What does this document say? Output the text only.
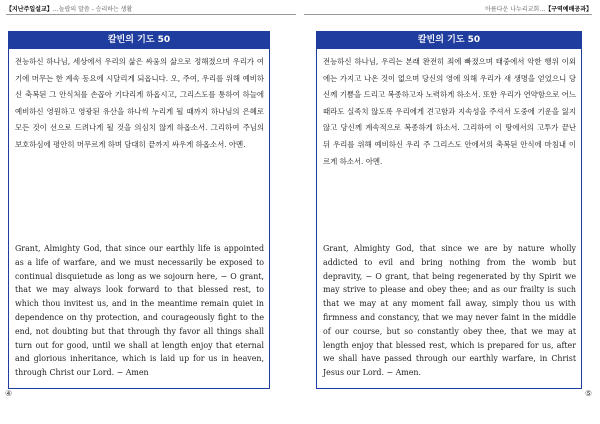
【지난주일설교】…놀랍의 말씀 - 승리하는 생활
칼빈의 기도 50

전능하신 하나님, 세상에서 우리의 삶은 싸움의 삶으로 정해졌으며 우리가 여기에 머무는 한 계속 동요에 시달리게 되옵니다. 오, 주여, 우리를 위해 예비하신 축복된 그 안식처를 손꼽아 기다리게 하옵시고, 그리스도를 통하여 하늘에 예비하신 영원하고 영광된 유산을 하나씩 누리게 될 때까지 하나님의 은혜로 모든 것이 선으로 드려나게 될 것을 의심치 않게 하옵소서. 그리하여 주님의 보호하심에 평안히 머무르게 하며 담대히 끝까지 싸우게 하옵소서. 아멘.

Grant, Almighty God, that since our earthly life is appointed as a life of warfare, and we must necessarily be exposed to continual disquietude as long as we sojourn here, − O grant, that we may always look forward to that blessed rest, to which thou invitest us, and in the meantime remain quiet in dependence on thy protection, and courageously fight to the end, not doubting but that through thy favor all things shall turn out for good, until we shall at length enjoy that eternal and glorious inheritance, which is laid up for us in heaven, through Christ our Lord. − Amen

④
아름다운 나누리교회…【구역예배공과】
칼빈의 기도 50

전능하신 하나님, 우리는 본래 완전히 죄에 빠졌으며 태중에서 악한 행위 이외에는 가지고 나온 것이 없으며 당신의 영에 의해 우리가 새 생명을 얻었으니 당신께 기쁨을 드리고 복종하고자 노력하게 하소서. 또한 우리가 연약함으로 어느 때라도 실족치 않도록 우리에게 견고함과 지속성을 주셔서 도중에 기운을 잃지 않고 당신께 계속적으로 복종하게 하소서. 그리하여 이 땅에서의 고투가 끝난 뒤 우리를 위해 예비하신 우리 주 그리스도 안에서의 축복된 안식에 마침내 이르게 하소서. 아멘.

Grant, Almighty God, that since we are by nature wholly addicted to evil and bring nothing from the womb but depravity, − O grant, that being regenerated by thy Spirit we may strive to please and obey thee; and as our frailty is such that we may at any moment fall away, simply thou us with firmness and constancy, that we may never faint in the middle of our course, but so constantly obey thee, that we may at length enjoy that blessed rest, which is prepared for us, after we shall have passed through our earthly warfare, in Christ Jesus our Lord. − Amen.

⑤
